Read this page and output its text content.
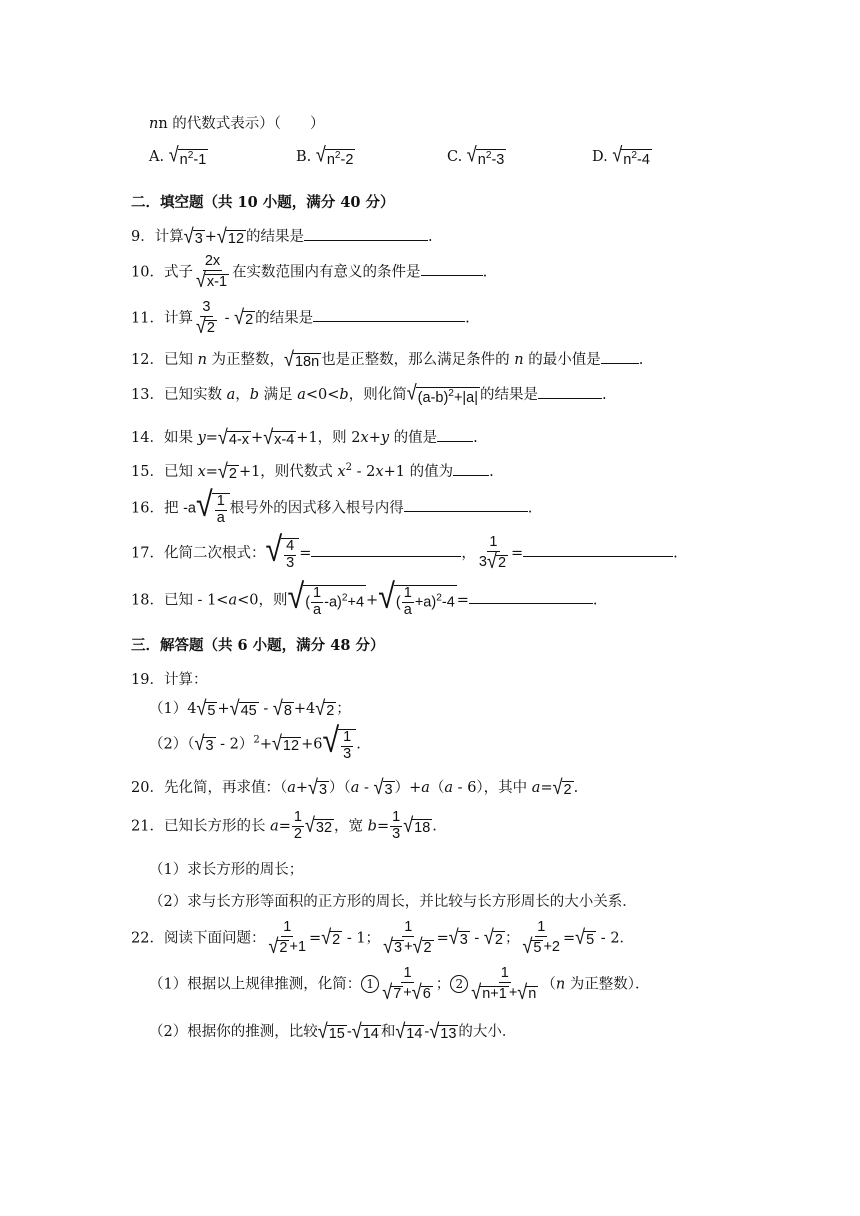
nn 的代数式表示）（　　）
A. √ $n^2-1$	B. √ $n^2-2$	C. √ $n^2-3$	D. √ $n^2-4$
二．填空题（共 10 小题，满分 40 分）
9．计算 √ 3 + √ 12 的结果是	.
10．式子 $\frac{2x}{√ x-1}$ 在实数范围内有意义的条件是	.
11．计算 $\frac{3}{√ 2}$ - √ 2 的结果是	.
12．已知 n 为正整数， √ 18n 也是正整数，那么满足条件的 n 的最小值是	.
13．已知实数 a，b 满足 a<0<b，则化简 √ $(a-b)^2+|a|$ 的结果是	.
14．如果 y= √ 4-x + √ x-4 +1，则 2x+y 的值是 .
15．已知 x= √ 2 +1，则代数式 $x^2 - 2x+1$ 的值为 .
16．把 -a √ $\frac{1}{a}$ 根号外的因式移入根号内得	.
17．化简二次根式： √ $\frac{4}{3}$ =	， $\frac{1}{3 √ 2}$ =	.
18．已知 - 1<a<0，则 √ ( $\frac{1}{a} -a)^2+4$ + √ ( $\frac{1}{a} +a)^2-4$ =	.
三．解答题（共 6 小题，满分 48 分）
19．计算：
（1）4 √ 5 + √ 45 - √ 8 +4 √ 2 ；
（2）（ √ 3 - 2）$^2$+ √ 12 +6 √ $\frac{1}{3}$ .
20．先化简，再求值：（a+ √ 3 ）（a - √ 3 ）+a（a - 6），其中 a= √ 2 .
21．已知长方形的长 $a= \frac{1}{2}$ √ 32 ，宽 $b= \frac{1}{3}$ √ 18 .
（1）求长方形的周长；
（2）求与长方形等面积的正方形的周长，并比较与长方形周长的大小关系．
22．阅读下面问题： $\frac{1}{√ 2 +1}$ = √ 2 - 1； $\frac{1}{√ 3 + √ 2}$ = √ 3 - √ 2 ； $\frac{1}{√ 5 +2}$ = √ 5 - 2．
（1）根据以上规律推测，化简： $1 \frac{1}{√ 7 + √ 6}$ ； $2 \frac{1}{√ n+1 + √ n} (n$ 为正整数）．
（2）根据你的推测，比较 √ 15 - √ 14 和 √ 14 - √ 13 的大小．
